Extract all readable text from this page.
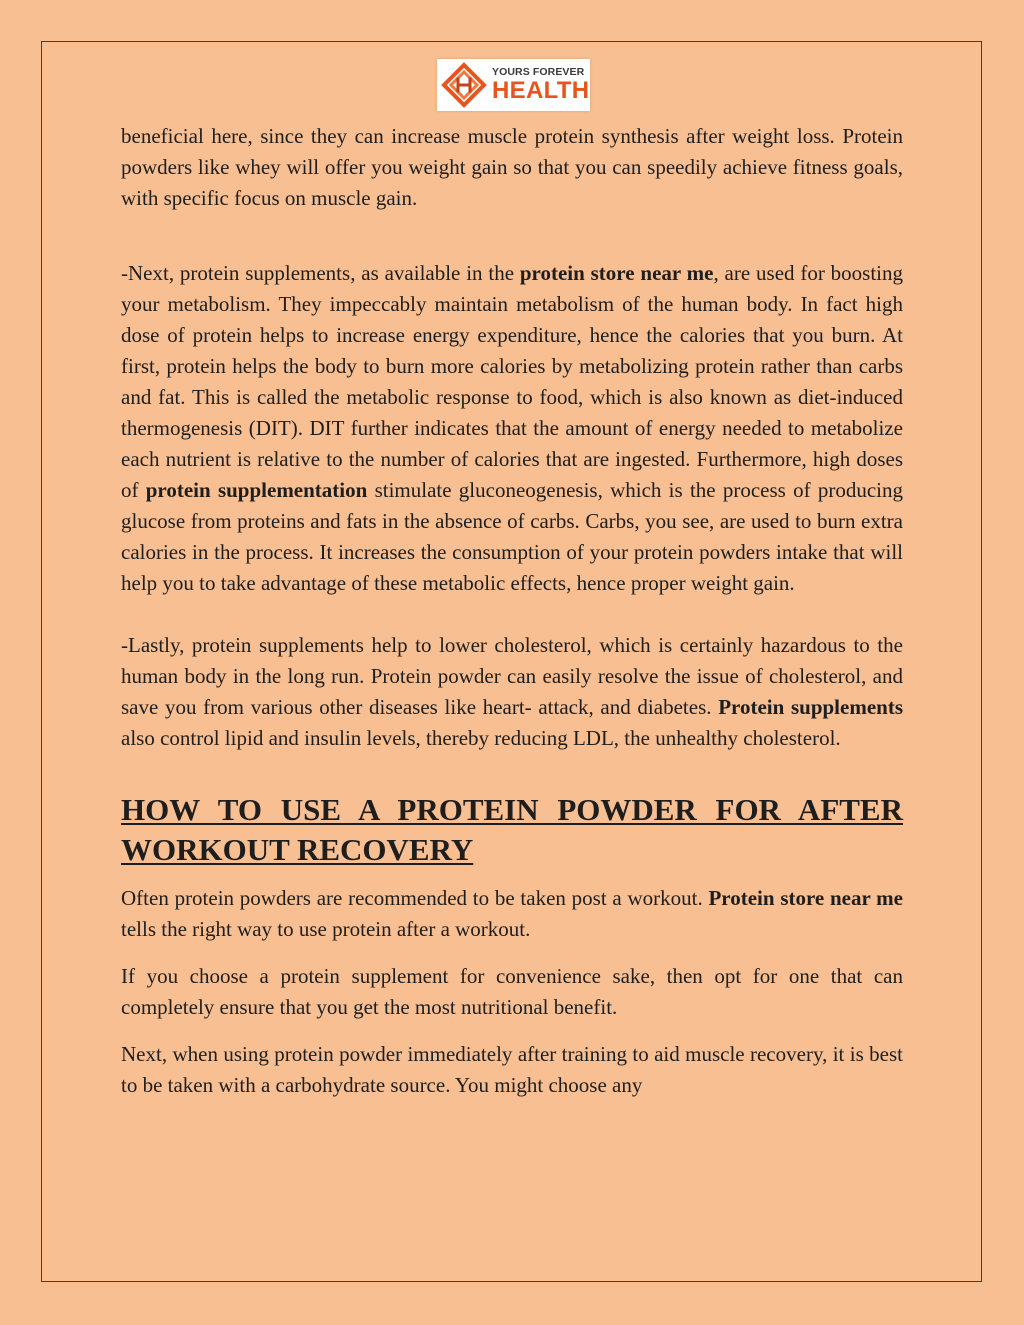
YOURS FOREVER
HEALTH

beneficial here, since they can increase muscle protein synthesis after weight loss. Protein powders like whey will offer you weight gain so that you can speedily achieve fitness goals, with specific focus on muscle gain.

-Next, protein supplements, as available in the protein store near me, are used for boosting your metabolism. They impeccably maintain metabolism of the human body. In fact high dose of protein helps to increase energy expenditure, hence the calories that you burn. At first, protein helps the body to burn more calories by metabolizing protein rather than carbs and fat. This is called the metabolic response to food, which is also known as diet-induced thermogenesis (DIT). DIT further indicates that the amount of energy needed to metabolize each nutrient is relative to the number of calories that are ingested. Furthermore, high doses of protein supplementation stimulate gluconeogenesis, which is the process of producing glucose from proteins and fats in the absence of carbs. Carbs, you see, are used to burn extra calories in the process. It increases the consumption of your protein powders intake that will help you to take advantage of these metabolic effects, hence proper weight gain.

-Lastly, protein supplements help to lower cholesterol, which is certainly hazardous to the human body in the long run. Protein powder can easily resolve the issue of cholesterol, and save you from various other diseases like heart- attack, and diabetes. Protein supplements also control lipid and insulin levels, thereby reducing LDL, the unhealthy cholesterol.

HOW TO USE A PROTEIN POWDER FOR AFTER WORKOUT RECOVERY

Often protein powders are recommended to be taken post a workout. Protein store near me tells the right way to use protein after a workout.

If you choose a protein supplement for convenience sake, then opt for one that can completely ensure that you get the most nutritional benefit.

Next, when using protein powder immediately after training to aid muscle recovery, it is best to be taken with a carbohydrate source. You might choose any
